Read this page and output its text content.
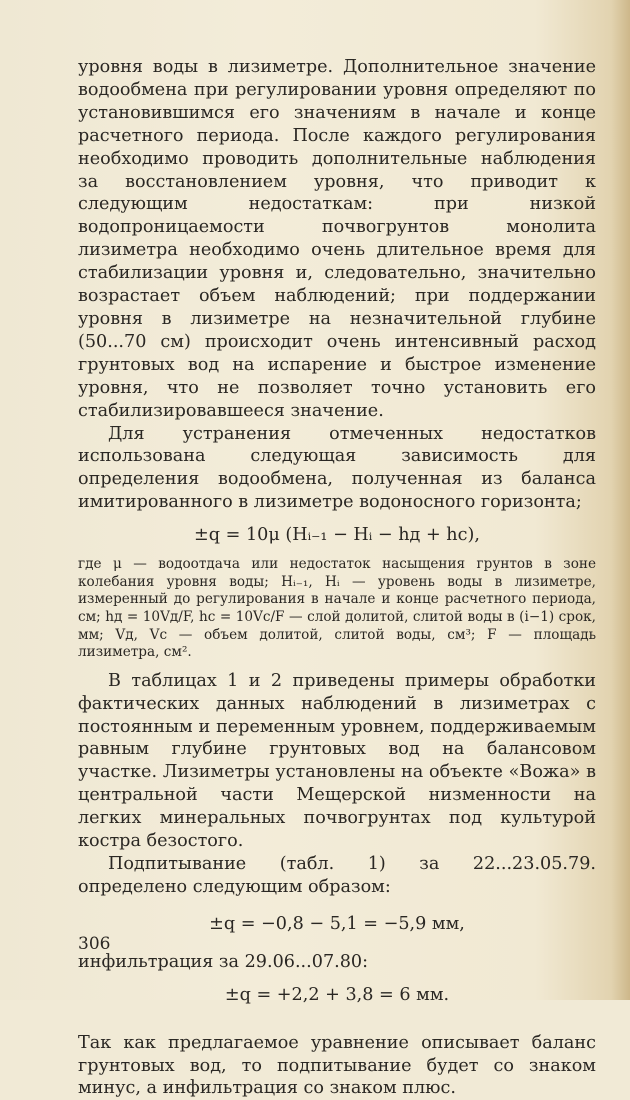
уровня воды в лизиметре. Дополнительное значение водообмена при регулировании уровня определяют по установившимся его значениям в начале и конце расчетного периода. После каждого регулирования необходимо проводить дополнительные наблюдения за восстановлением уровня, что приводит к следующим недостаткам: при низкой водопроницаемости почвогрунтов монолита лизиметра необходимо очень длительное время для стабилизации уровня и, следовательно, значительно возрастает объем наблюдений; при поддержании уровня в лизиметре на незначительной глубине (50...70 см) происходит очень интенсивный расход грунтовых вод на испарение и быстрое изменение уровня, что не позволяет точно установить его стабилизировавшееся значение.

Для устранения отмеченных недостатков использована следующая зависимость для определения водообмена, полученная из баланса имитированного в лизиметре водоносного горизонта;

±q = 10μ (Hᵢ₋₁ − Hᵢ − hд + hс),

где μ — водоотдача или недостаток насыщения грунтов в зоне колебания уровня воды; Hᵢ₋₁, Hᵢ — уровень воды в лизиметре, измеренный до регулирования в начале и конце расчетного периода, см; hд = 10Vд/F, hс = 10Vс/F — слой долитой, слитой воды в (i−1) срок, мм; Vд, Vс — объем долитой, слитой воды, см³; F — площадь лизиметра, см².

В таблицах 1 и 2 приведены примеры обработки фактических данных наблюдений в лизиметрах с постоянным и переменным уровнем, поддерживаемым равным глубине грунтовых вод на балансовом участке. Лизиметры установлены на объекте «Вожа» в центральной части Мещерской низменности на легких минеральных почвогрунтах под культурой костра безостого.

Подпитывание (табл. 1) за 22...23.05.79. определено следующим образом:

±q = −0,8 − 5,1 = −5,9 мм,

инфильтрация за 29.06...07.80:

±q = +2,2 + 3,8 = 6 мм.

Так как предлагаемое уравнение описывает баланс грунтовых вод, то подпитывание будет со знаком минус, а инфильтрация со знаком плюс.

306
